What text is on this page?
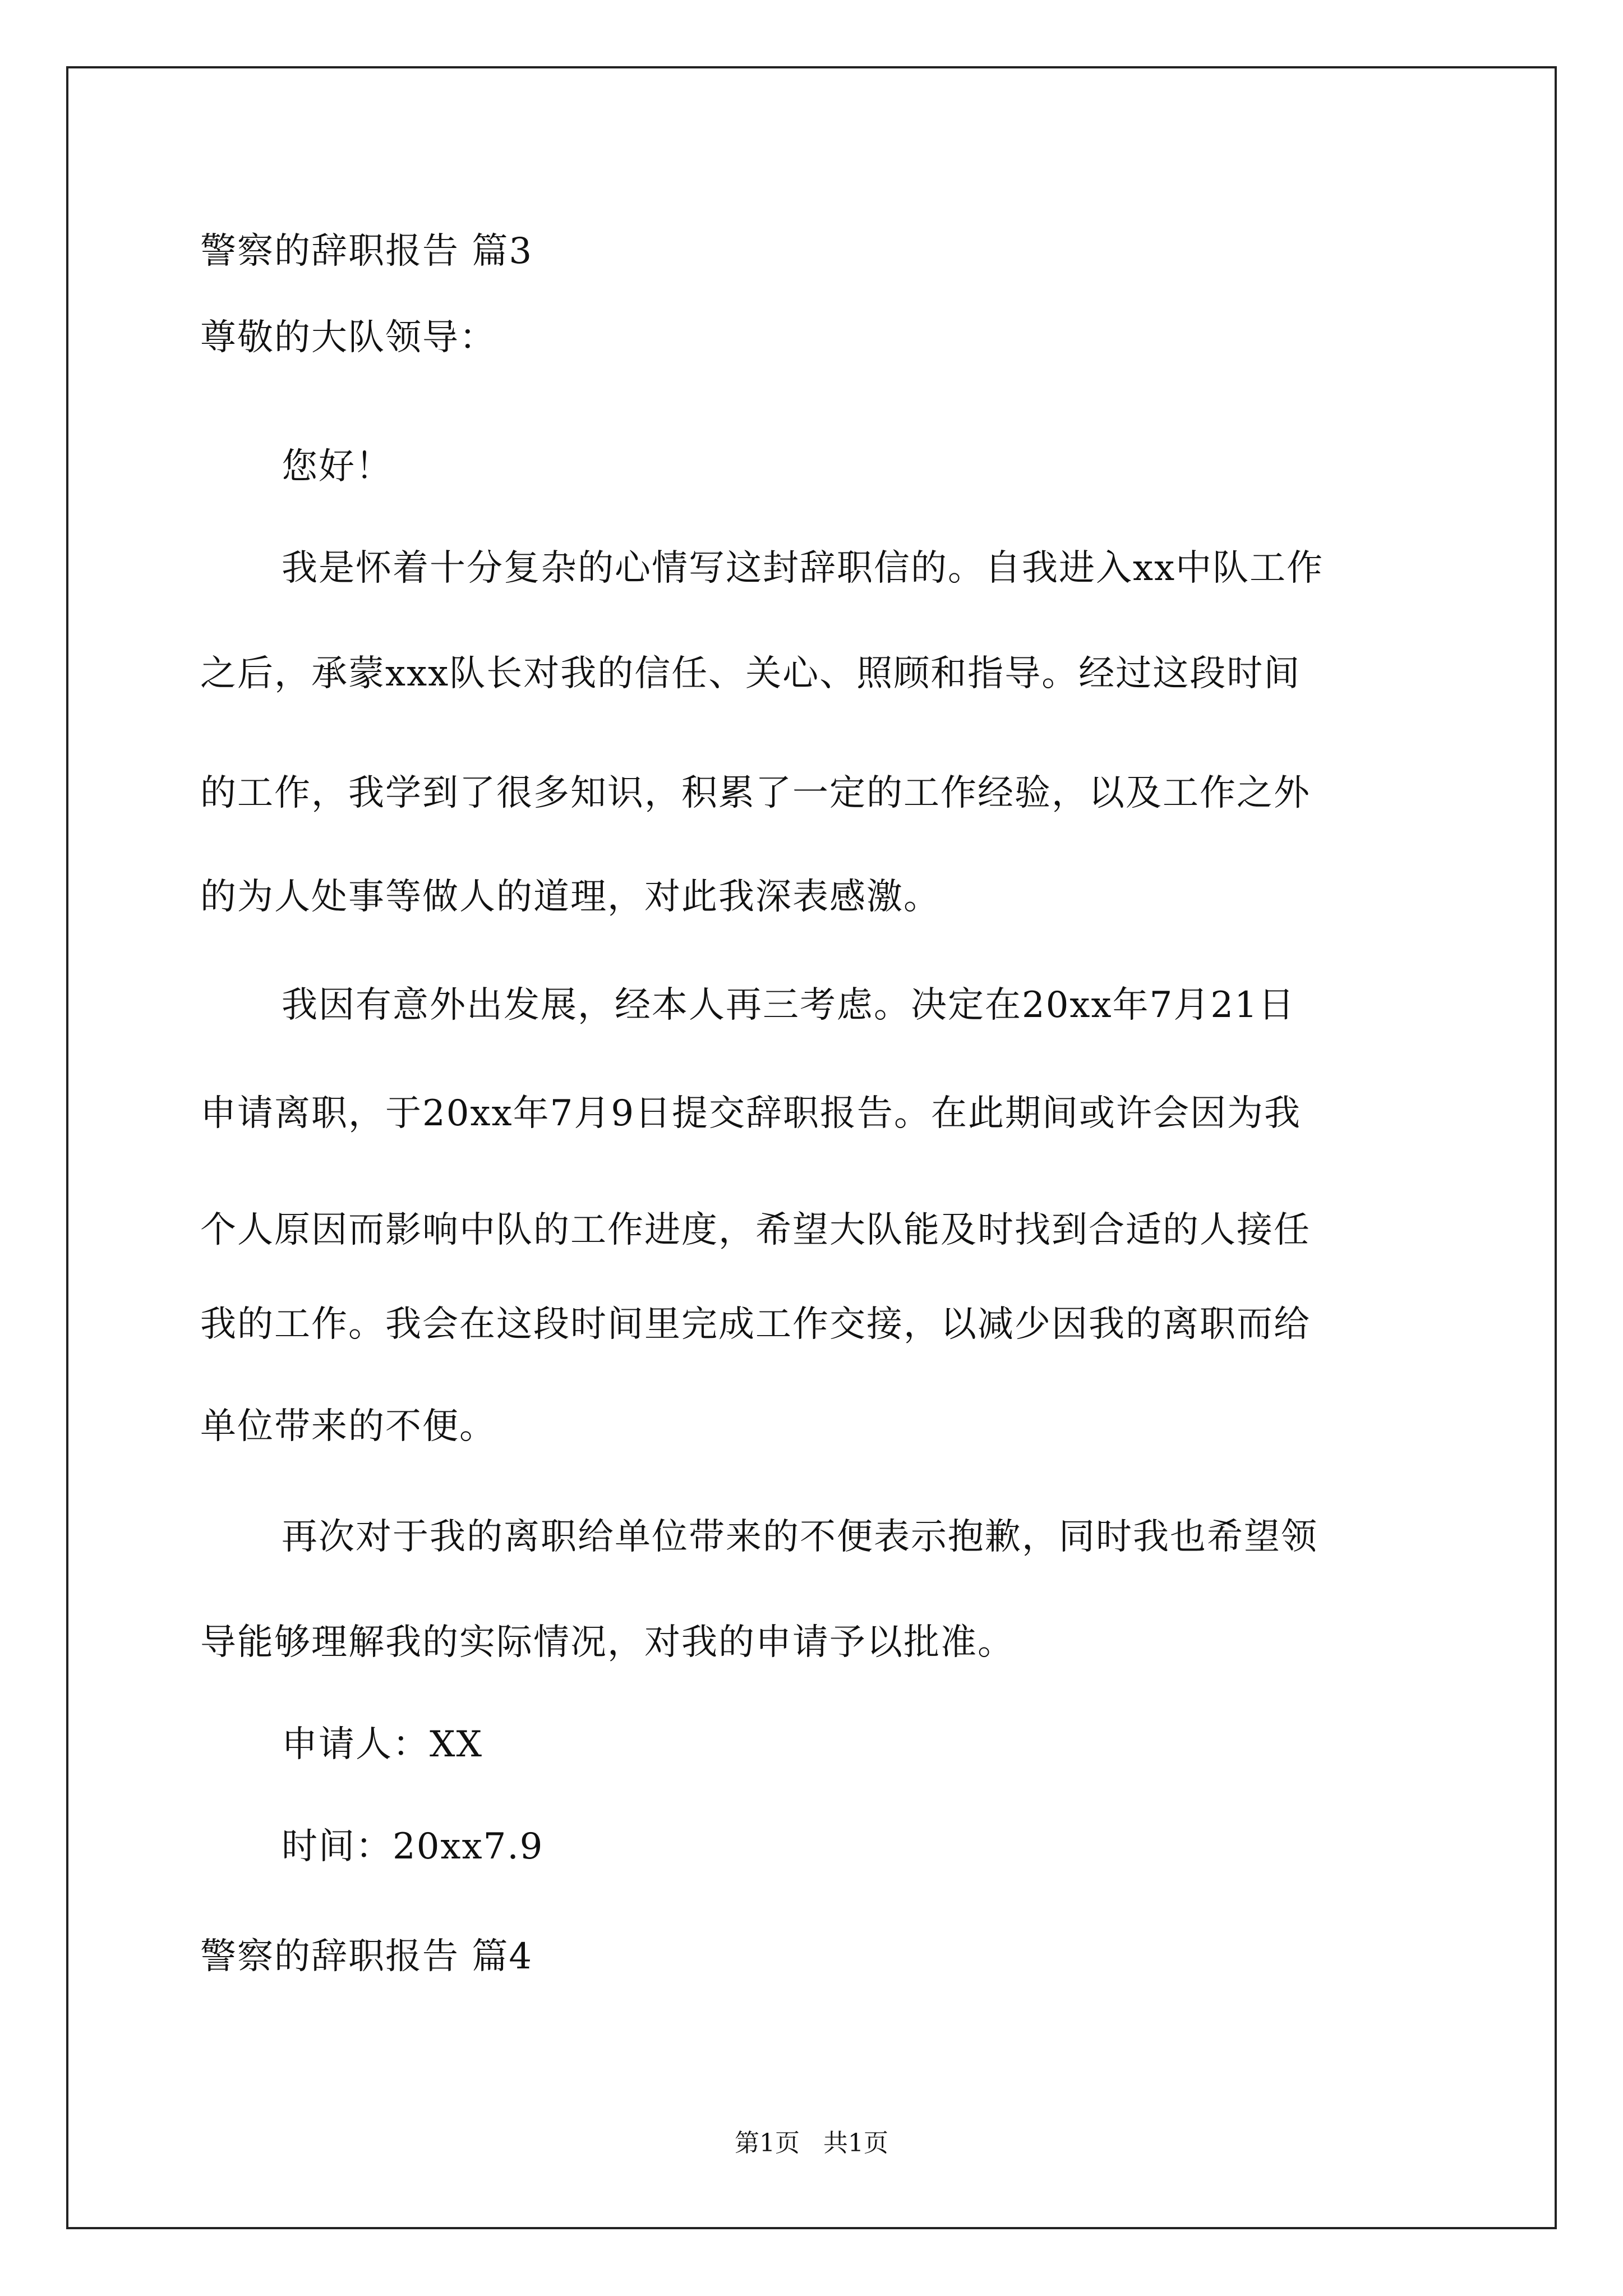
警察的辞职报告 篇3
尊敬的大队领导：
您好！
我是怀着十分复杂的心情写这封辞职信的。自我进入xx中队工作
之后，承蒙xxx队长对我的信任、关心、照顾和指导。经过这段时间
的工作，我学到了很多知识，积累了一定的工作经验，以及工作之外
的为人处事等做人的道理，对此我深表感激。
我因有意外出发展，经本人再三考虑。决定在20xx年7月21日
申请离职，于20xx年7月9日提交辞职报告。在此期间或许会因为我
个人原因而影响中队的工作进度，希望大队能及时找到合适的人接任
我的工作。我会在这段时间里完成工作交接，以减少因我的离职而给
单位带来的不便。
再次对于我的离职给单位带来的不便表示抱歉，同时我也希望领
导能够理解我的实际情况，对我的申请予以批准。
申请人：XX
时间：20xx7.9
警察的辞职报告 篇4
第1页 共1页
